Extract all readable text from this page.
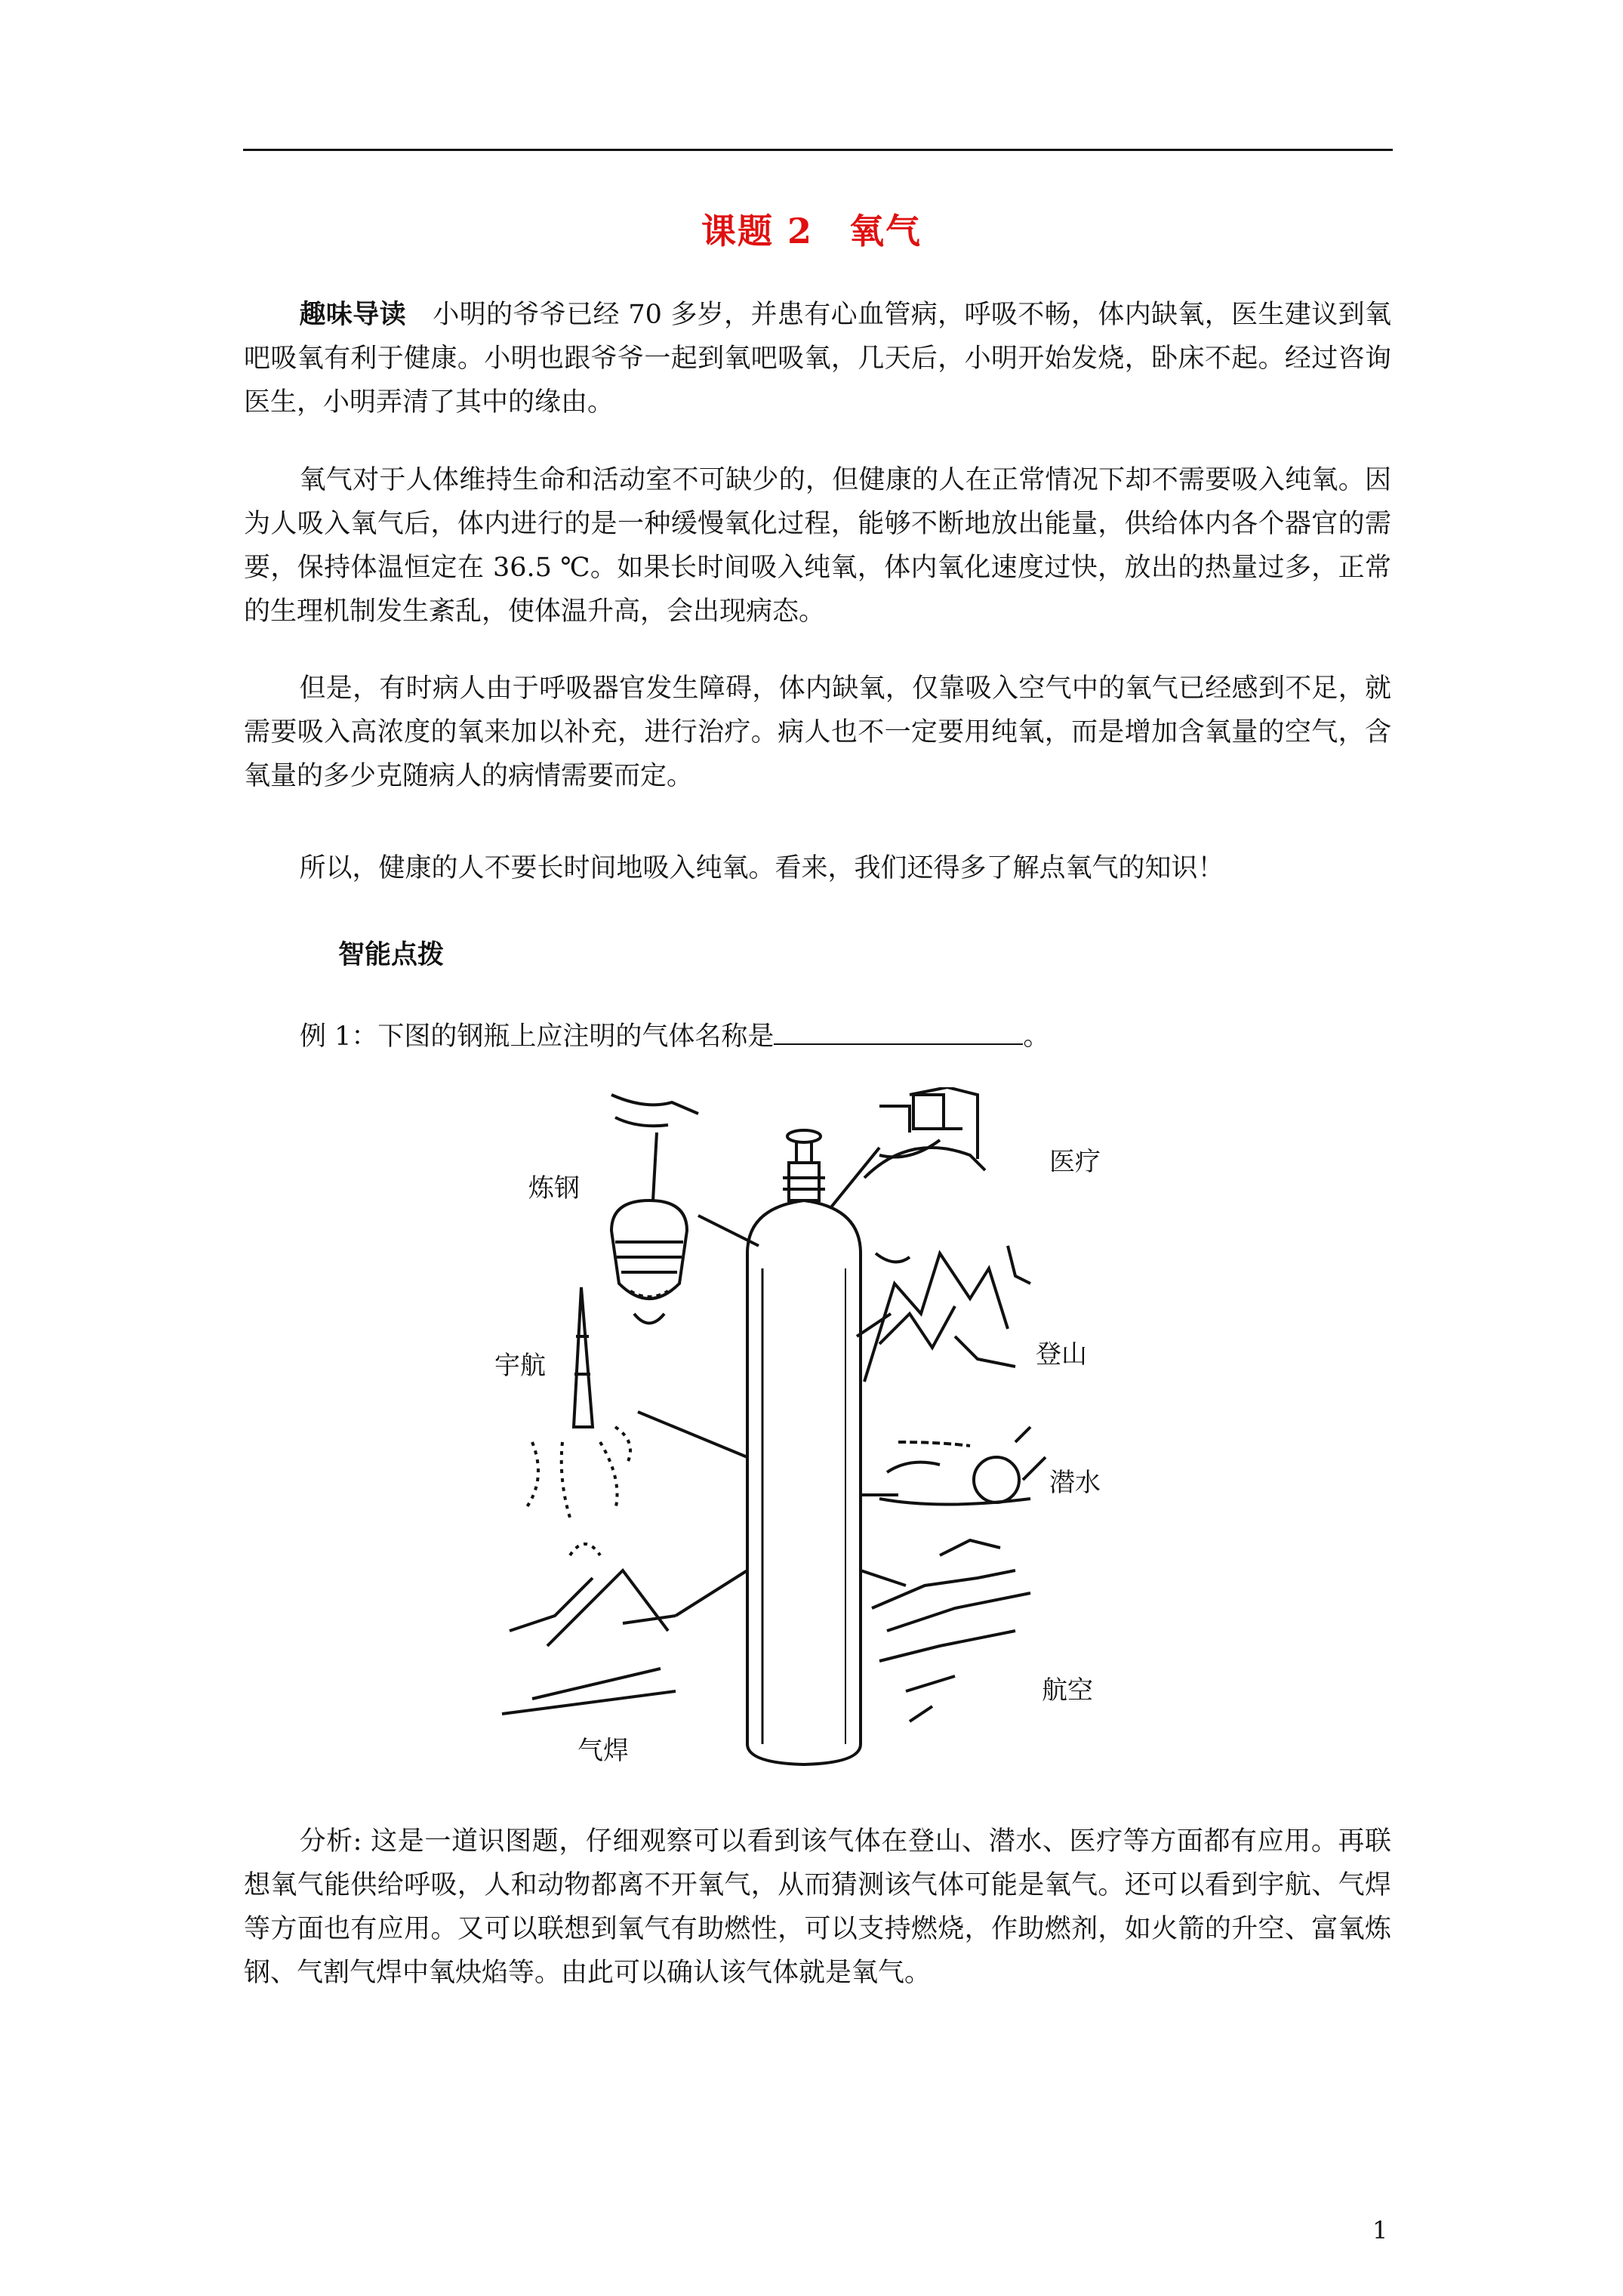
课题 2　氧气
趣味导读　小明的爷爷已经 70 多岁，并患有心血管病，呼吸不畅，体内缺氧，医生建议到氧吧吸氧有利于健康。小明也跟爷爷一起到氧吧吸氧，几天后，小明开始发烧，卧床不起。经过咨询医生，小明弄清了其中的缘由。
氧气对于人体维持生命和活动室不可缺少的，但健康的人在正常情况下却不需要吸入纯氧。因为人吸入氧气后，体内进行的是一种缓慢氧化过程，能够不断地放出能量，供给体内各个器官的需要，保持体温恒定在 36.5 ℃。如果长时间吸入纯氧，体内氧化速度过快，放出的热量过多，正常的生理机制发生紊乱，使体温升高，会出现病态。
但是，有时病人由于呼吸器官发生障碍，体内缺氧，仅靠吸入空气中的氧气已经感到不足，就需要吸入高浓度的氧来加以补充，进行治疗。病人也不一定要用纯氧，而是增加含氧量的空气，含氧量的多少克随病人的病情需要而定。
所以，健康的人不要长时间地吸入纯氧。看来，我们还得多了解点氧气的知识！
智能点拨
例 1：下图的钢瓶上应注明的气体名称是	。
炼钢
医疗
宇航	登山
潜水
航空
气焊
分析: 这是一道识图题，仔细观察可以看到该气体在登山、潜水、医疗等方面都有应用。再联想氧气能供给呼吸，人和动物都离不开氧气，从而猜测该气体可能是氧气。还可以看到宇航、气焊等方面也有应用。又可以联想到氧气有助燃性，可以支持燃烧，作助燃剂，如火箭的升空、富氧炼钢、气割气焊中氧炔焰等。由此可以确认该气体就是氧气。
1
